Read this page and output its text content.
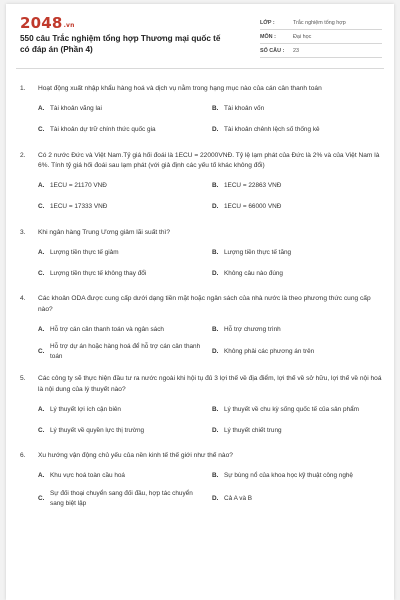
2048.vn
550 câu Trắc nghiệm tổng hợp Thương mại quốc tế có đáp án (Phần 4)
LỚP :	Trắc nghiệm tổng hợp
MÔN :	Đại học
SỐ CÂU :	23
1.	Hoạt động xuất nhập khẩu hàng hoá và dịch vụ nằm trong hạng mục nào của cán cân thanh toán
A. Tài khoản vãng lai	B. Tài khoản vốn
C. Tài khoản dự trữ chính thức quốc gia	D. Tài khoản chênh lệch số thống kê
2.	Có 2 nước Đức và Việt Nam.Tỷ giá hối đoái là 1ECU = 22000VNĐ. Tỷ lệ lạm phát của Đức là 2% và của Việt Nam là 6%. Tính tỷ giá hối đoái sau lạm phát (với giả định các yếu tố khác không đổi)
A. 1ECU = 21170 VNĐ	B. 1ECU = 22863 VNĐ
C. 1ECU = 17333 VNĐ	D. 1ECU = 66000 VNĐ
3.	Khi ngân hàng Trung Ương giảm lãi suất thì?
A. Lượng tiền thực tế giảm	B. Lượng tiền thực tế tăng
C. Lượng tiền thực tế không thay đổi	D. Không câu nào đúng
4.	Các khoản ODA được cung cấp dưới dạng tiền mặt hoặc ngân sách của nhà nước là theo phương thức cung cấp nào?
A. Hỗ trợ cán cân thanh toán và ngân sách	B. Hỗ trợ chương trình
C.
Hỗ trợ dự án hoặc hàng hoá để hỗ trợ cán cân thanh toán
D. Không phải các phương án trên
5.	Các công ty sẽ thực hiện đầu tư ra nước ngoài khi hội tụ đủ 3 lợi thế về địa điểm, lợi thế về sở hữu, lợi thế về nội hoá là nội dung của lý thuyết nào?
A. Lý thuyết lợi ích cận biên	B. Lý thuyết về chu kỳ sống quốc tế của sản phẩm
C. Lý thuyết về quyền lực thị trường	D. Lý thuyết chiết trung
6.	Xu hướng vận động chủ yếu của nền kinh tế thế giới như thế nào?
A. Khu vực hoá toàn cầu hoá	B. Sự bùng nổ của khoa học kỹ thuật công nghệ
C.
Sự đối thoại chuyển sang đối đầu, hợp tác chuyển sang biệt lập
D. Cả A và B
